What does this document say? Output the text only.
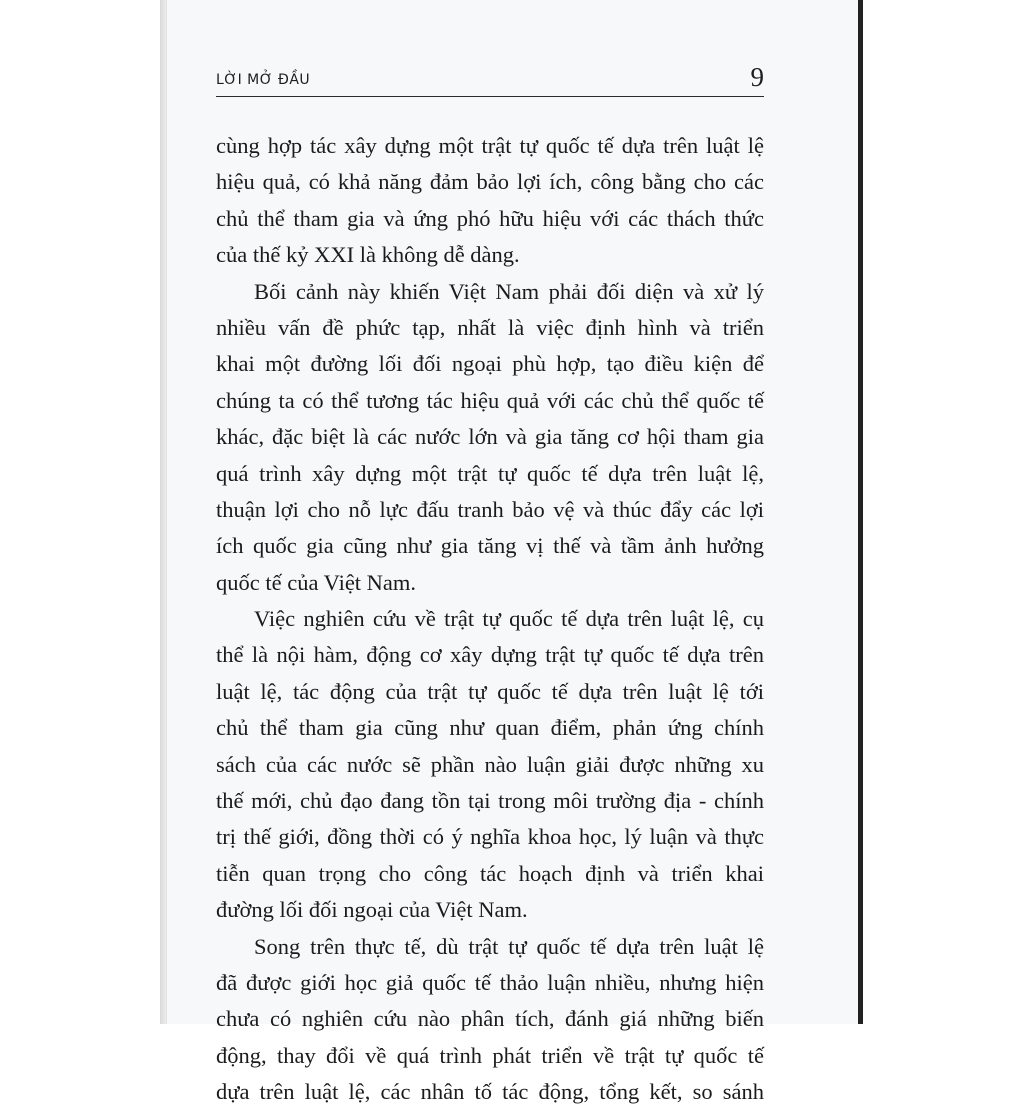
LỜI MỞ ĐẦU	9
cùng hợp tác xây dựng một trật tự quốc tế dựa trên luật lệ
hiệu quả, có khả năng đảm bảo lợi ích, công bằng cho các
chủ thể tham gia và ứng phó hữu hiệu với các thách thức
của thế kỷ XXI là không dễ dàng.
Bối cảnh này khiến Việt Nam phải đối diện và xử lý
nhiều vấn đề phức tạp, nhất là việc định hình và triển
khai một đường lối đối ngoại phù hợp, tạo điều kiện để
chúng ta có thể tương tác hiệu quả với các chủ thể quốc tế
khác, đặc biệt là các nước lớn và gia tăng cơ hội tham gia
quá trình xây dựng một trật tự quốc tế dựa trên luật lệ,
thuận lợi cho nỗ lực đấu tranh bảo vệ và thúc đẩy các lợi
ích quốc gia cũng như gia tăng vị thế và tầm ảnh hưởng
quốc tế của Việt Nam.
Việc nghiên cứu về trật tự quốc tế dựa trên luật lệ, cụ
thể là nội hàm, động cơ xây dựng trật tự quốc tế dựa trên
luật lệ, tác động của trật tự quốc tế dựa trên luật lệ tới
chủ thể tham gia cũng như quan điểm, phản ứng chính
sách của các nước sẽ phần nào luận giải được những xu
thế mới, chủ đạo đang tồn tại trong môi trường địa - chính
trị thế giới, đồng thời có ý nghĩa khoa học, lý luận và thực
tiễn quan trọng cho công tác hoạch định và triển khai
đường lối đối ngoại của Việt Nam.
Song trên thực tế, dù trật tự quốc tế dựa trên luật lệ
đã được giới học giả quốc tế thảo luận nhiều, nhưng hiện
chưa có nghiên cứu nào phân tích, đánh giá những biến
động, thay đổi về quá trình phát triển về trật tự quốc tế
dựa trên luật lệ, các nhân tố tác động, tổng kết, so sánh
